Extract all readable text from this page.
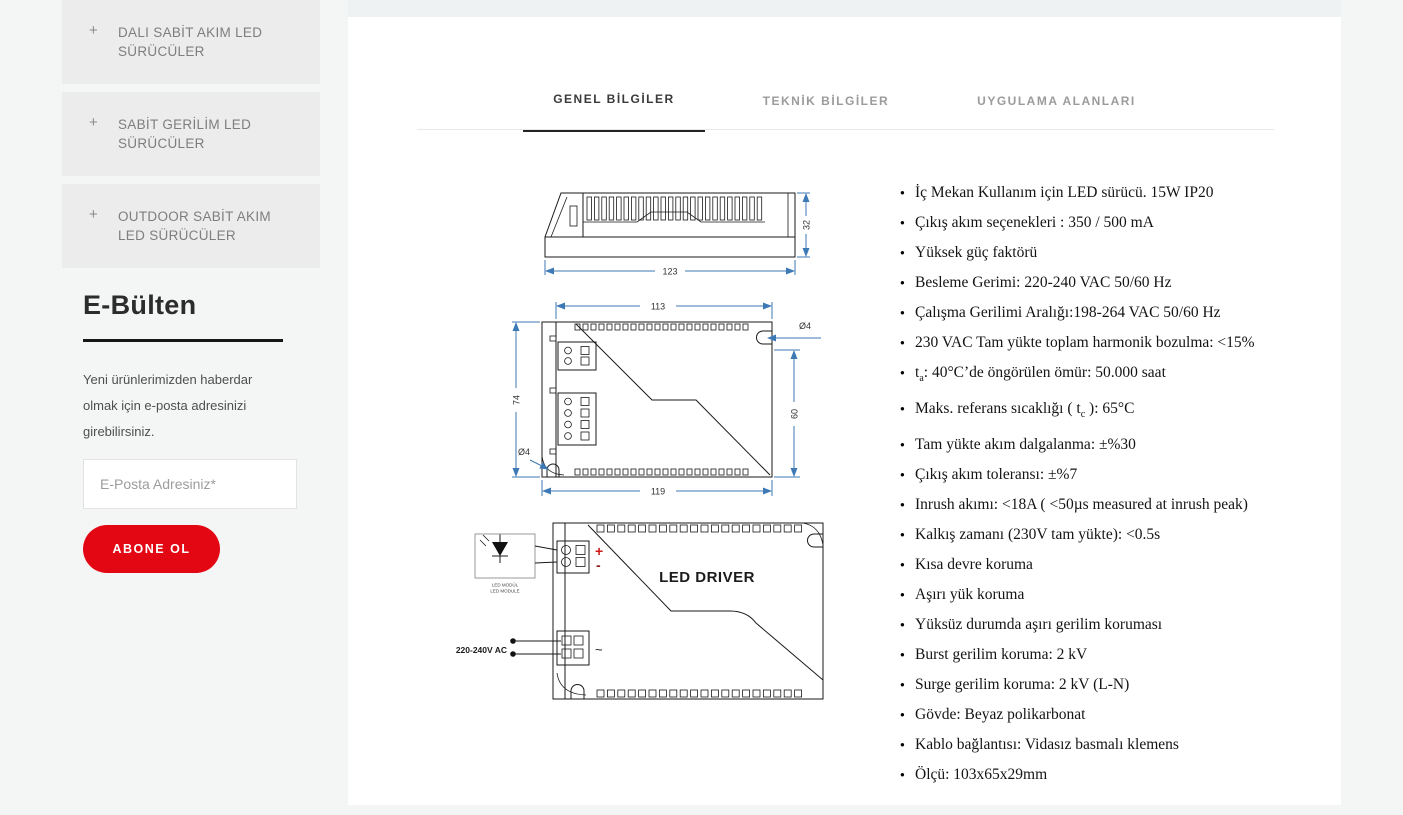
+ DALI SABİT AKIM LED SÜRÜCÜLER
+ SABİT GERİLİM LED SÜRÜCÜLER
+ OUTDOOR SABİT AKIM LED SÜRÜCÜLER
E-Bülten

Yeni ürünlerimizden haberdar olmak için e-posta adresinizi girebilirsiniz.

E-Posta Adresiniz*
ABONE OL
GENEL BİLGİLER	TEKNİK BİLGİLER	UYGULAMA ALANLARI
123
32
113
119
74
60
Ø4
Ø4
LED DRIVER
+
-
~
LED MODÜL
LED MODULE
220-240V AC
● İç Mekan Kullanım için LED sürücü. 15W IP20
● Çıkış akım seçenekleri : 350 / 500 mA
● Yüksek güç faktörü
● Besleme Gerimi: 220-240 VAC 50/60 Hz
● Çalışma Gerilimi Aralığı:198-264 VAC 50/60 Hz
● 230 VAC Tam yükte toplam harmonik bozulma: <15%
● $t_a$: 40°C’de öngörülen ömür: 50.000 saat
● Maks. referans sıcaklığı ( $t_c$ ): 65°C
● Tam yükte akım dalgalanma: ±%30
● Çıkış akım toleransı: ±%7
● Inrush akımı: <18A ( <50µs measured at inrush peak)
● Kalkış zamanı (230V tam yükte): <0.5s
● Kısa devre koruma
● Aşırı yük koruma
● Yüksüz durumda aşırı gerilim koruması
● Burst gerilim koruma: 2 kV
● Surge gerilim koruma: 2 kV (L-N)
● Gövde: Beyaz polikarbonat
● Kablo bağlantısı: Vidasız basmalı klemens
● Ölçü: 103x65x29mm
